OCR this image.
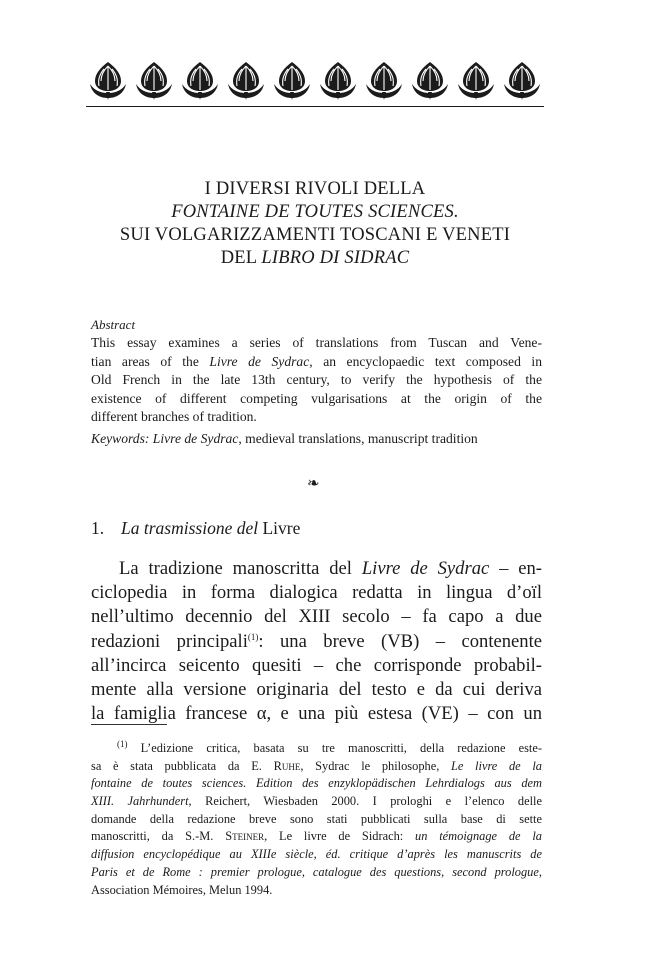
I DIVERSI RIVOLI DELLA
FONTAINE DE TOUTES SCIENCES.
SUI VOLGARIZZAMENTI TOSCANI E VENETI
DEL LIBRO DI SIDRAC
Abstract
This essay examines a series of translations from Tuscan and Vene-
tian areas of the Livre de Sydrac, an encyclopaedic text composed in
Old French in the late 13th century, to verify the hypothesis of the
existence of different competing vulgarisations at the origin of the
different branches of tradition.
Keywords: Livre de Sydrac, medieval translations, manuscript tradition
❧
1. La trasmissione del Livre
La tradizione manoscritta del Livre de Sydrac – en-
ciclopedia in forma dialogica redatta in lingua d’oïl
nell’ultimo decennio del XIII secolo – fa capo a due
redazioni principali$^{(1)}$: una breve (VB) – contenente
all’incirca seicento quesiti – che corrisponde probabil-
mente alla versione originaria del testo e da cui deriva
la famiglia francese α, e una più estesa (VE) – con un
$^{(1)}$ L’edizione critica, basata su tre manoscritti, della redazione este-
sa è stata pubblicata da E. Ruhe, Sydrac le philosophe, Le livre de la
fontaine de toutes sciences. Edition des enzyklopädischen Lehrdialogs aus dem
XIII. Jahrhundert, Reichert, Wiesbaden 2000. I prologhi e l’elenco delle
domande della redazione breve sono stati pubblicati sulla base di sette
manoscritti, da S.-M. Steiner, Le livre de Sidrach: un témoignage de la
diffusion encyclopédique au XIIIe siècle, éd. critique d’après les manuscrits de
Paris et de Rome : premier prologue, catalogue des questions, second prologue,
Association Mémoires, Melun 1994.
